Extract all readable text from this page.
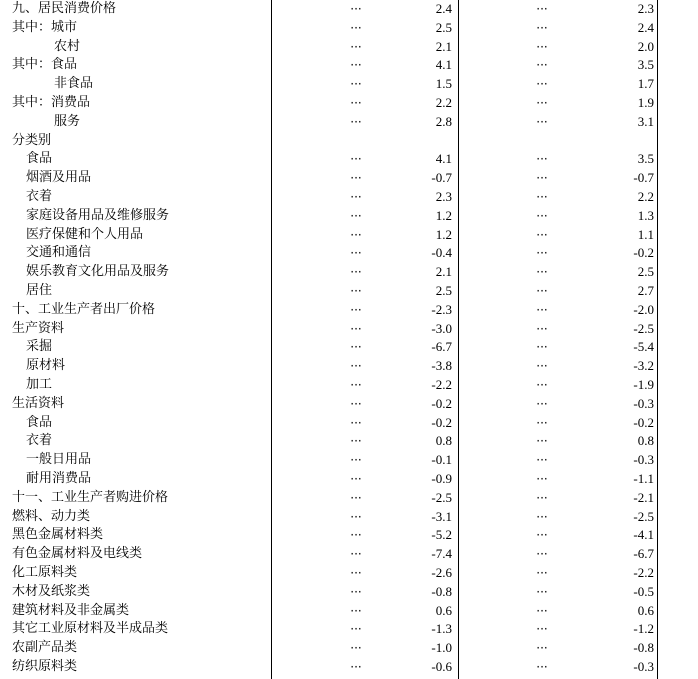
九、居民消费价格	···	2.4	···	2.3
其中：城市	···	2.5	···	2.4
农村	···	2.1	···	2.0
其中：食品	···	4.1	···	3.5
非食品	···	1.5	···	1.7
其中：消费品	···	2.2	···	1.9
服务	···	2.8	···	3.1
分类别
食品	···	4.1	···	3.5
烟酒及用品	···	-0.7	···	-0.7
衣着	···	2.3	···	2.2
家庭设备用品及维修服务	···	1.2	···	1.3
医疗保健和个人用品	···	1.2	···	1.1
交通和通信	···	-0.4	···	-0.2
娱乐教育文化用品及服务	···	2.1	···	2.5
居住	···	2.5	···	2.7
十、工业生产者出厂价格	···	-2.3	···	-2.0
生产资料	···	-3.0	···	-2.5
采掘	···	-6.7	···	-5.4
原材料	···	-3.8	···	-3.2
加工	···	-2.2	···	-1.9
生活资料	···	-0.2	···	-0.3
食品	···	-0.2	···	-0.2
衣着	···	0.8	···	0.8
一般日用品	···	-0.1	···	-0.3
耐用消费品	···	-0.9	···	-1.1
十一、工业生产者购进价格	···	-2.5	···	-2.1
燃料、动力类	···	-3.1	···	-2.5
黑色金属材料类	···	-5.2	···	-4.1
有色金属材料及电线类	···	-7.4	···	-6.7
化工原料类	···	-2.6	···	-2.2
木材及纸浆类	···	-0.8	···	-0.5
建筑材料及非金属类	···	0.6	···	0.6
其它工业原材料及半成品类	···	-1.3	···	-1.2
农副产品类	···	-1.0	···	-0.8
纺织原料类	···	-0.6	···	-0.3
